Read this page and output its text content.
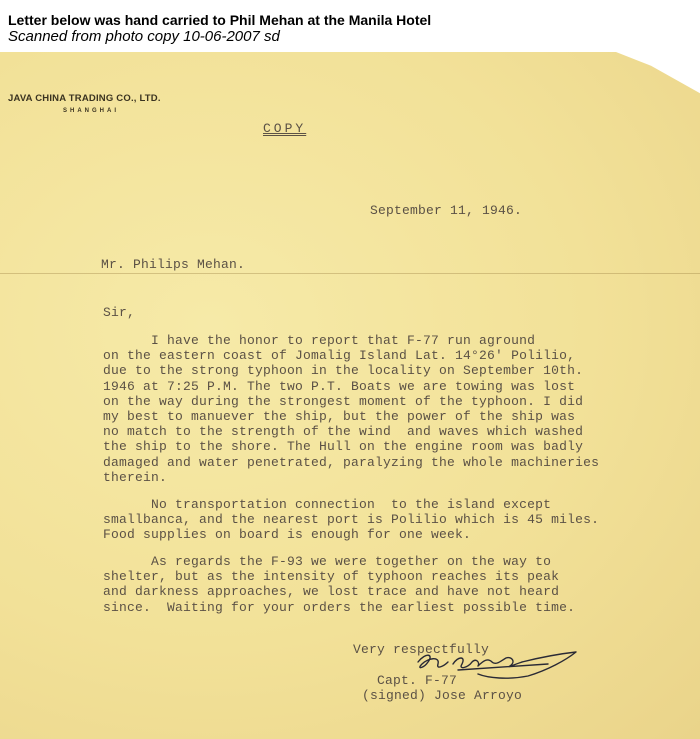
Letter below was hand carried to Phil Mehan at the Manila Hotel
Scanned from photo copy 10-06-2007 sd
JAVA CHINA TRADING CO., LTD.
SHANGHAI
COPY
September 11, 1946.
Mr. Philips Mehan.
Sir,
I have the honor to report that F-77 run aground
on the eastern coast of Jomalig Island Lat. 14°26' Polilio,
due to the strong typhoon in the locality on September 10th.
1946 at 7:25 P.M. The two P.T. Boats we are towing was lost
on the way during the strongest moment of the typhoon. I did
my best to manuever the ship, but the power of the ship was
no match to the strength of the wind  and waves which washed
the ship to the shore. The Hull on the engine room was badly
damaged and water penetrated, paralyzing the whole machineries
therein.
No transportation connection  to the island except
smallbanca, and the nearest port is Polilio which is 45 miles.
Food supplies on board is enough for one week.
As regards the F-93 we were together on the way to
shelter, but as the intensity of typhoon reaches its peak
and darkness approaches, we lost trace and have not heard
since.  Waiting for your orders the earliest possible time.
Very respectfully
Capt. F-77
(signed) Jose Arroyo
